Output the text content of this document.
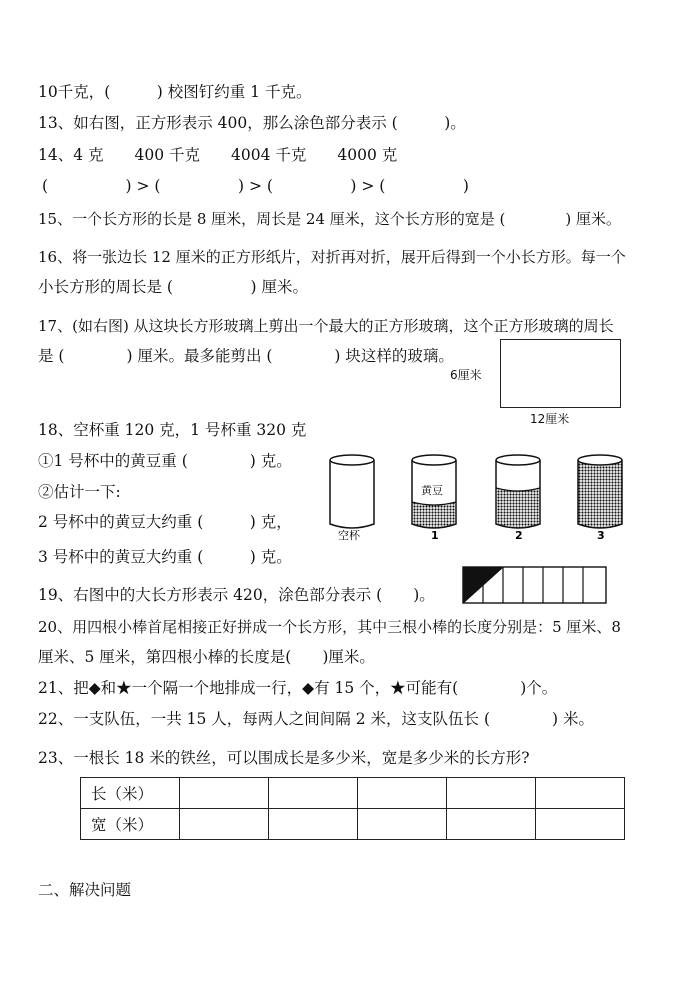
10千克，(　　　) 校图钉约重 1 千克。
13、如右图，正方形表示 400，那么涂色部分表示 (　　　)。
14、4 克　　400 千克　　4004 千克　　4000 克
(　　　　　) > (　　　　　) > (　　　　　) > (　　　　　)
15、一个长方形的长是 8 厘米，周长是 24 厘米，这个长方形的宽是 (　　　　) 厘米。
16、将一张边长 12 厘米的正方形纸片，对折再对折，展开后得到一个小长方形。每一个
小长方形的周长是 (　　　　　) 厘米。
17、(如右图) 从这块长方形玻璃上剪出一个最大的正方形玻璃，这个正方形玻璃的周长
是 (　　　　) 厘米。最多能剪出 (　　　　) 块这样的玻璃。
6厘米
12厘米
18、空杯重 120 克，1 号杯重 320 克
①1 号杯中的黄豆重 (　　　　) 克。
②估计一下:
2 号杯中的黄豆大约重 (　　　) 克，
3 号杯中的黄豆大约重 (　　　) 克。
黄豆
空杯	1	2	3
19、右图中的大长方形表示 420，涂色部分表示 (　　)。
20、用四根小棒首尾相接正好拼成一个长方形，其中三根小棒的长度分别是：5 厘米、8
厘米、5 厘米，第四根小棒的长度是(　　)厘米。
21、把◆和★一个隔一个地排成一行，◆有 15 个，★可能有(　　　　)个。
22、一支队伍，一共 15 人，每两人之间间隔 2 米，这支队伍长 (　　　　) 米。
23、一根长 18 米的铁丝，可以围成长是多少米，宽是多少米的长方形?
长（米）					
宽（米）					
二、解决问题
